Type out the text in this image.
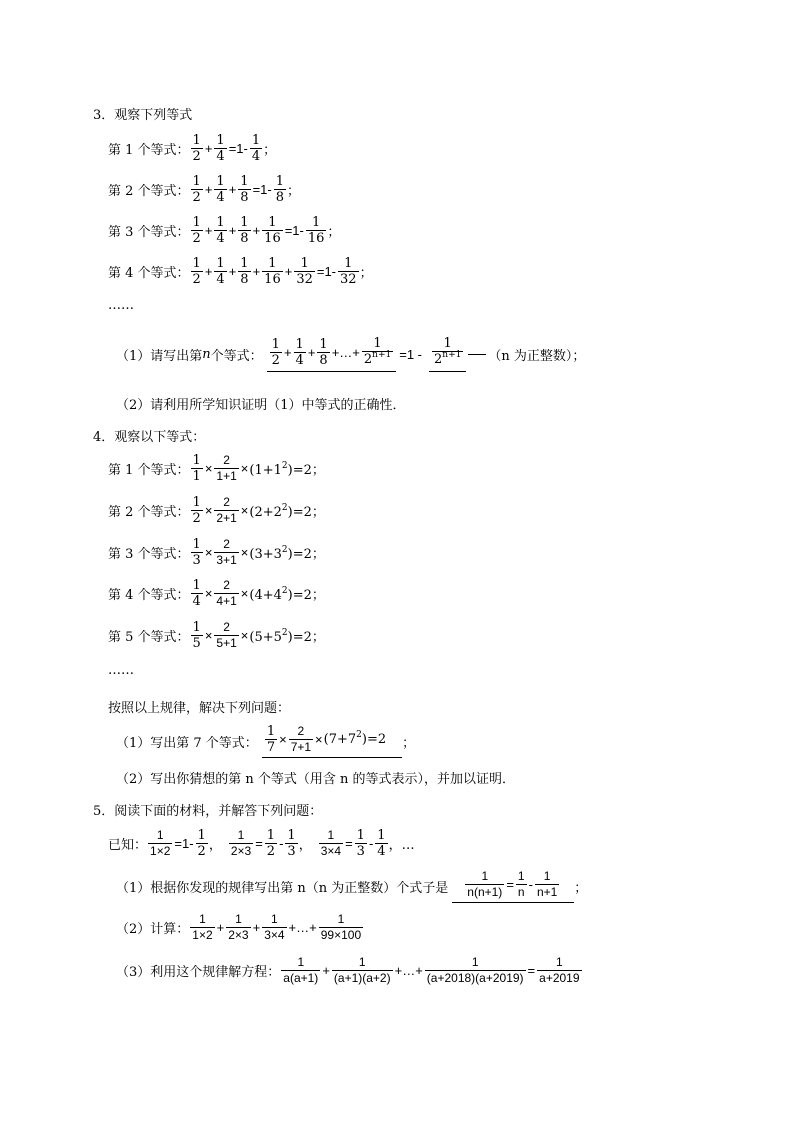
3．观察下列等式
第 1 个等式： $\frac{1}{2} + \frac{1}{4} =1- \frac{1}{4}$ ；
第 2 个等式： $\frac{1}{2} + \frac{1}{4} + \frac{1}{8} =1- \frac{1}{8}$ ；
第 3 个等式： $\frac{1}{2} + \frac{1}{4} + \frac{1}{8} + \frac{1}{16} =1- \frac{1}{16}$ ；
第 4 个等式： $\frac{1}{2} + \frac{1}{4} + \frac{1}{8} + \frac{1}{16} + \frac{1}{32} =1- \frac{1}{32}$ ；
……
（1）请写出第 n 个等式： $\frac{1}{2} + \frac{1}{4} + \frac{1}{8}$ +…+ $\frac{1}{2^{n+1}} =1 - \frac{1}{2^{n+1}} (n$ 为正整数）；
（2）请利用所学知识证明（1）中等式的正确性．
4．观察以下等式：
第 1 个等式： $\frac{1}{1} \times \frac{2}{1+1} \times (1+1^2)=2$；
第 2 个等式： $\frac{1}{2} \times \frac{2}{2+1} \times (2+2^2)=2$；
第 3 个等式： $\frac{1}{3} \times \frac{2}{3+1} \times (3+3^2)=2$；
第 4 个等式： $\frac{1}{4} \times \frac{2}{4+1} \times (4+4^2)=2$；
第 5 个等式： $\frac{1}{5} \times \frac{2}{5+1} \times (5+5^2)=2$；
……
按照以上规律，解决下列问题：
（1）写出第 7 个等式： $\frac{1}{7} \times \frac{2}{7+1} \times (7+7^2)=2$ ；
（2）写出你猜想的第 n 个等式（用含 n 的等式表示），并加以证明．
5．阅读下面的材料，并解答下列问题：
已知： $\frac{1}{1\times 2} =1- \frac{1}{2}$ ， $\frac{1}{2\times 3} = \frac{1}{2} - \frac{1}{3}$ ， $\frac{1}{3\times 4} = \frac{1}{3} - \frac{1}{4}$ ，…
（1）根据你发现的规律写出第 n（n 为正整数）个式子是 $\frac{1}{n(n+1)} = \frac{1}{n} - \frac{1}{n+1}$ ；
（2）计算： $\frac{1}{1\times 2} + \frac{1}{2\times 3} + \frac{1}{3\times 4}$ +…+ $\frac{1}{99\times 100}$
（3）利用这个规律解方程： $\frac{1}{a(a+1)} + \frac{1}{(a+1)(a+2)}$ +…+ $\frac{1}{(a+2018)(a+2019)} = \frac{1}{a+2019}$
